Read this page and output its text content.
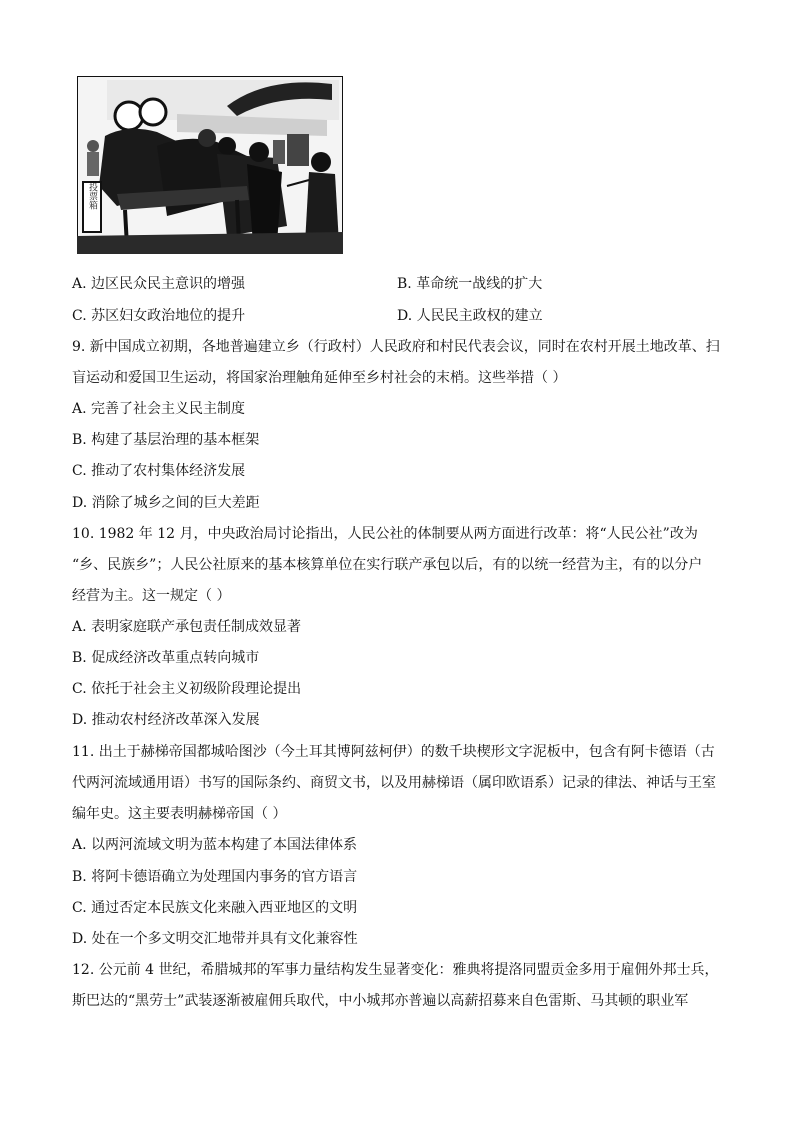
投票箱
A. 边区民众民主意识的增强	B. 革命统一战线的扩大
C. 苏区妇女政治地位的提升	D. 人民民主政权的建立
9. 新中国成立初期，各地普遍建立乡（行政村）人民政府和村民代表会议，同时在农村开展土地改革、扫
盲运动和爱国卫生运动，将国家治理触角延伸至乡村社会的末梢。这些举措（ ）
A. 完善了社会主义民主制度
B. 构建了基层治理的基本框架
C. 推动了农村集体经济发展
D. 消除了城乡之间的巨大差距
10. 1982 年 12 月，中央政治局讨论指出，人民公社的体制要从两方面进行改革：将“人民公社”改为
“乡、民族乡”；人民公社原来的基本核算单位在实行联产承包以后，有的以统一经营为主，有的以分户
经营为主。这一规定（ ）
A. 表明家庭联产承包责任制成效显著
B. 促成经济改革重点转向城市
C. 依托于社会主义初级阶段理论提出
D. 推动农村经济改革深入发展
11. 出土于赫梯帝国都城哈图沙（今土耳其博阿兹柯伊）的数千块楔形文字泥板中，包含有阿卡德语（古
代两河流域通用语）书写的国际条约、商贸文书，以及用赫梯语（属印欧语系）记录的律法、神话与王室
编年史。这主要表明赫梯帝国（ ）
A. 以两河流域文明为蓝本构建了本国法律体系
B. 将阿卡德语确立为处理国内事务的官方语言
C. 通过否定本民族文化来融入西亚地区的文明
D. 处在一个多文明交汇地带并具有文化兼容性
12. 公元前 4 世纪，希腊城邦的军事力量结构发生显著变化：雅典将提洛同盟贡金多用于雇佣外邦士兵，
斯巴达的“黑劳士”武装逐渐被雇佣兵取代，中小城邦亦普遍以高薪招募来自色雷斯、马其顿的职业军
